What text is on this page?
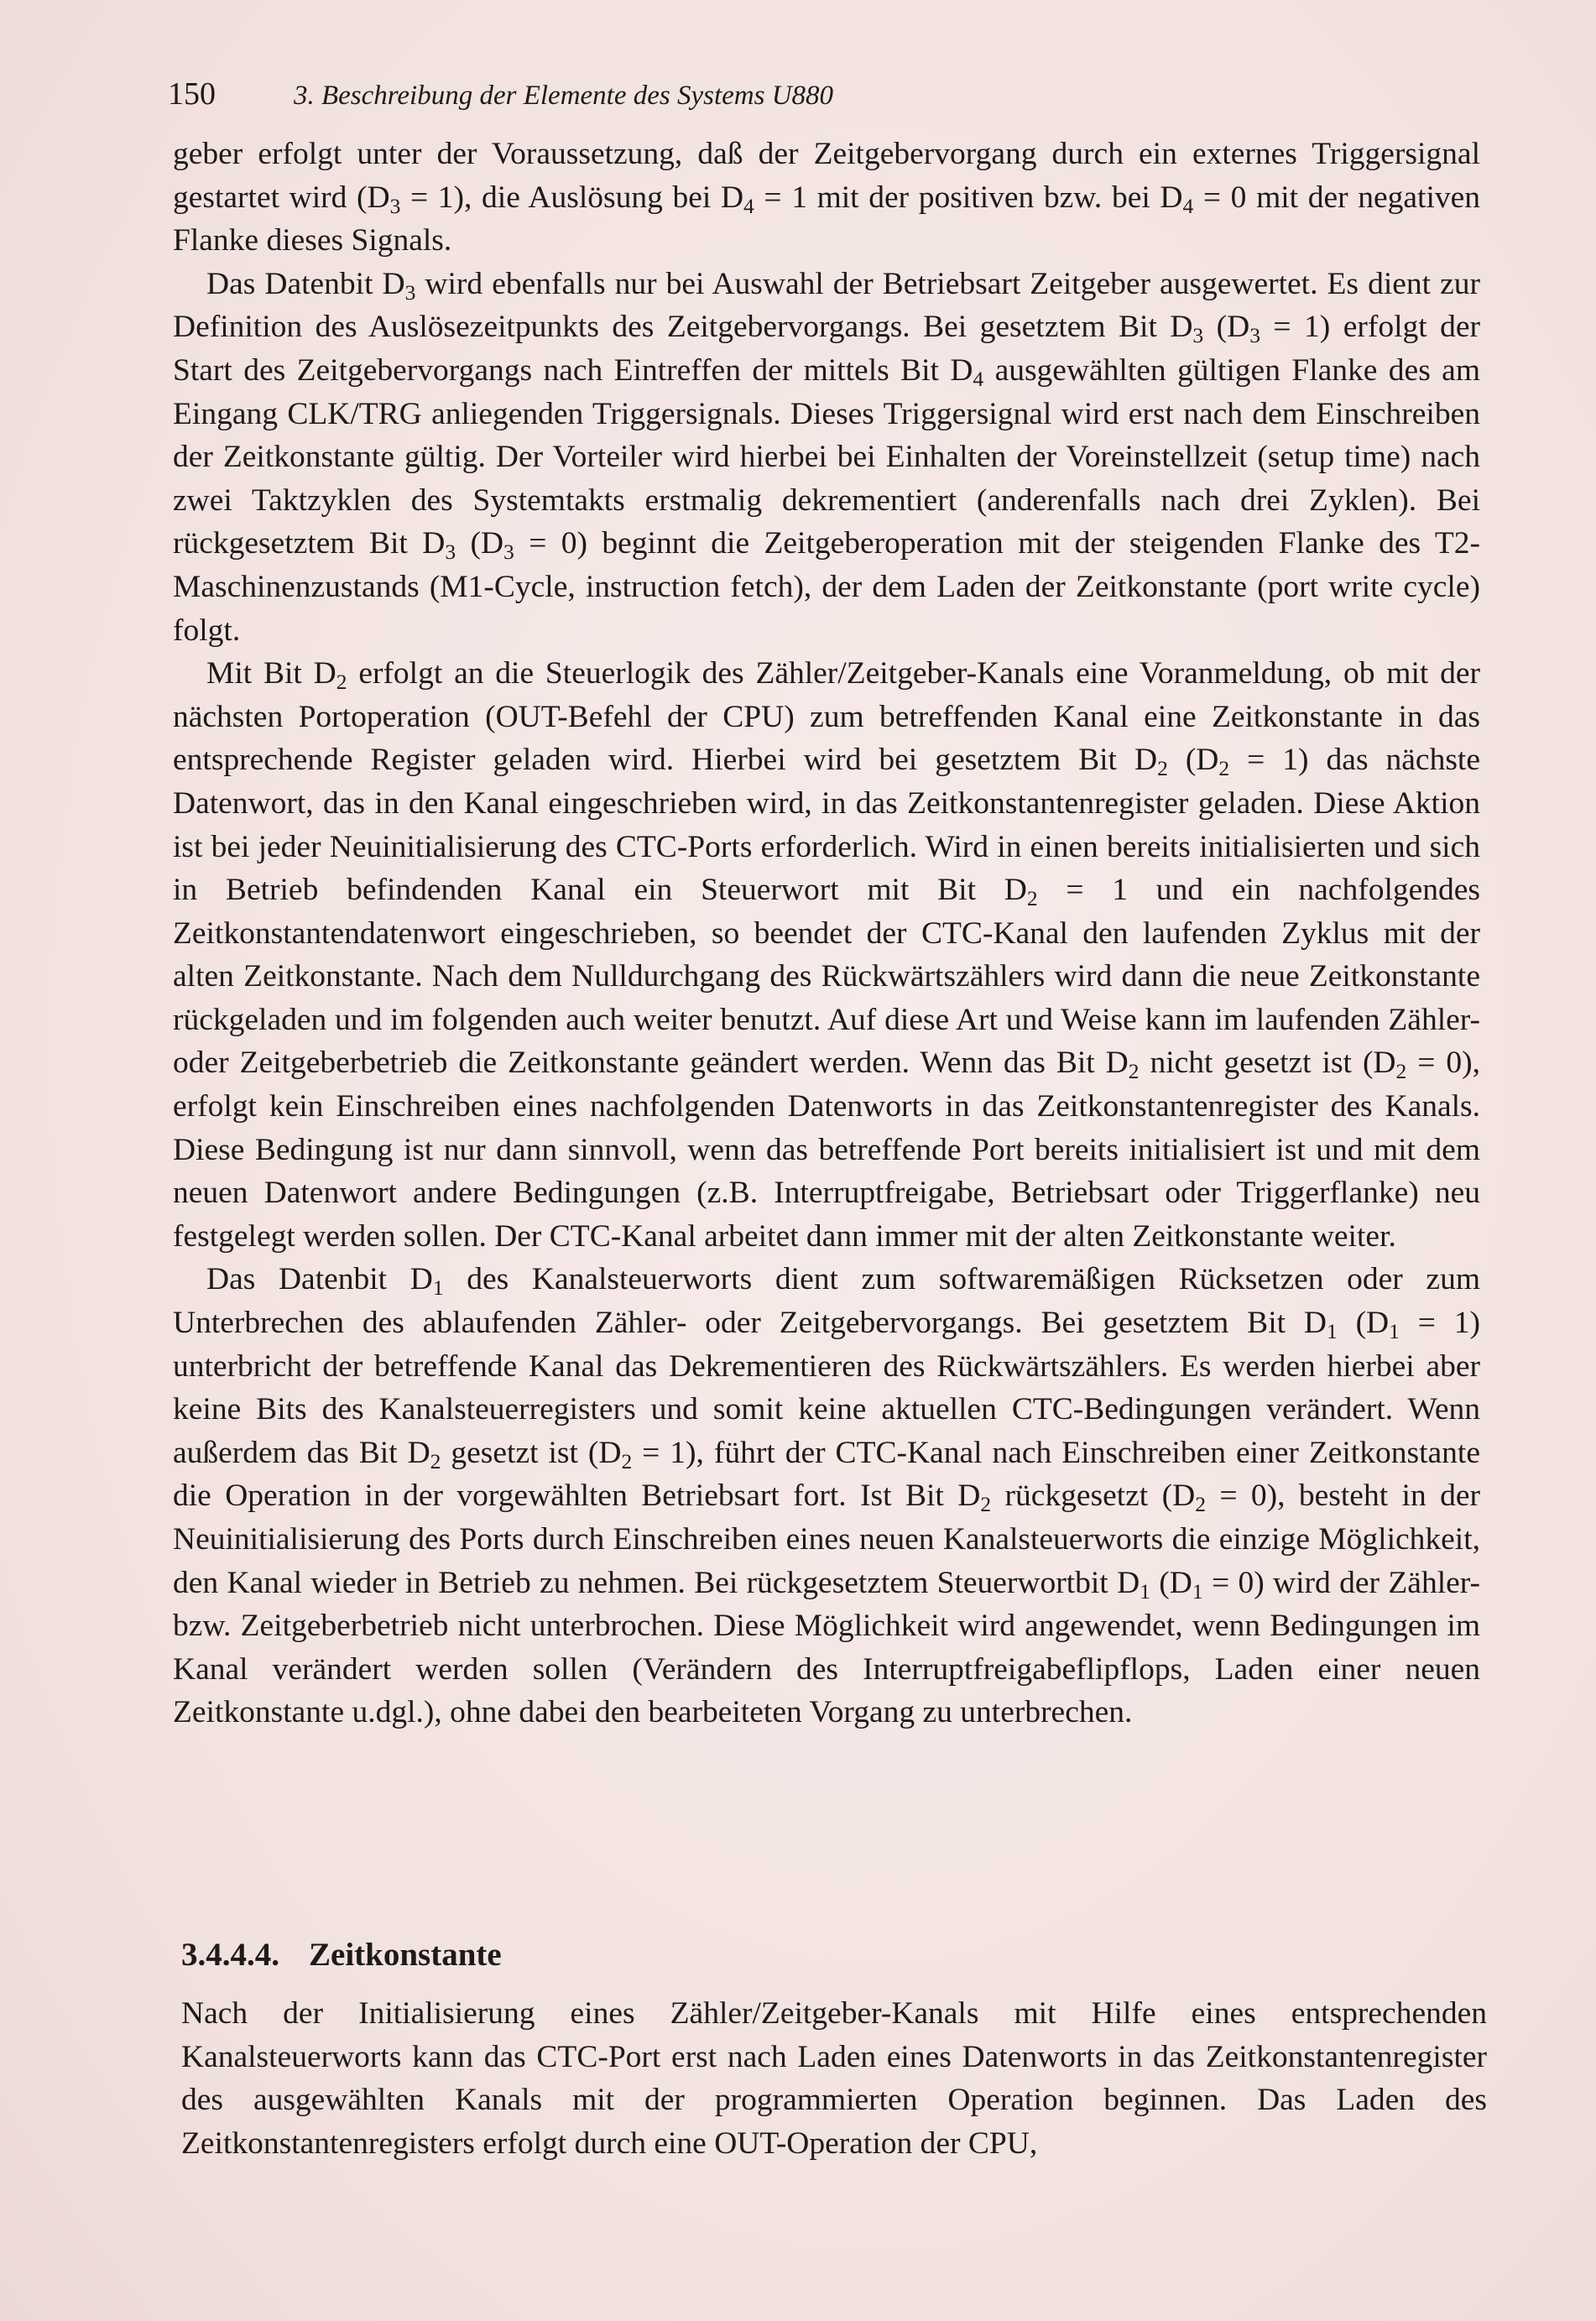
150	3. Beschreibung der Elemente des Systems U880

geber erfolgt unter der Voraussetzung, daß der Zeitgebervorgang durch ein externes Triggersignal gestartet wird $(D_3 = 1)$, die Auslösung bei $D_4 = 1$ mit der positiven bzw. bei $D_4 = 0$ mit der negativen Flanke dieses Signals.

Das Datenbit $D_3$ wird ebenfalls nur bei Auswahl der Betriebsart Zeitgeber ausgewertet. Es dient zur Definition des Auslösezeitpunkts des Zeitgebervorgangs. Bei gesetztem Bit $D_3$ $(D_3 = 1)$ erfolgt der Start des Zeitgebervorgangs nach Eintreffen der mittels Bit $D_4$ ausgewählten gültigen Flanke des am Eingang CLK/TRG anliegenden Triggersignals. Dieses Triggersignal wird erst nach dem Einschreiben der Zeitkonstante gültig. Der Vorteiler wird hierbei bei Einhalten der Voreinstellzeit (setup time) nach zwei Taktzyklen des Systemtakts erstmalig dekrementiert (anderenfalls nach drei Zyklen). Bei rückgesetztem Bit $D_3$ $(D_3 = 0)$ beginnt die Zeitgeberoperation mit der steigenden Flanke des T2-Maschinenzustands (M1-Cycle, instruction fetch), der dem Laden der Zeitkonstante (port write cycle) folgt.

Mit Bit $D_2$ erfolgt an die Steuerlogik des Zähler/Zeitgeber-Kanals eine Voranmeldung, ob mit der nächsten Portoperation (OUT-Befehl der CPU) zum betreffenden Kanal eine Zeitkonstante in das entsprechende Register geladen wird. Hierbei wird bei gesetztem Bit $D_2$ $(D_2 = 1)$ das nächste Datenwort, das in den Kanal eingeschrieben wird, in das Zeitkonstantenregister geladen. Diese Aktion ist bei jeder Neuinitialisierung des CTC-Ports erforderlich. Wird in einen bereits initialisierten und sich in Betrieb befindenden Kanal ein Steuerwort mit Bit $D_2 = 1$ und ein nachfolgendes Zeitkonstantendatenwort eingeschrieben, so beendet der CTC-Kanal den laufenden Zyklus mit der alten Zeitkonstante. Nach dem Nulldurchgang des Rückwärtszählers wird dann die neue Zeitkonstante rückgeladen und im folgenden auch weiter benutzt. Auf diese Art und Weise kann im laufenden Zähler- oder Zeitgeberbetrieb die Zeitkonstante geändert werden. Wenn das Bit $D_2$ nicht gesetzt ist $(D_2 = 0)$, erfolgt kein Einschreiben eines nachfolgenden Datenworts in das Zeitkonstantenregister des Kanals. Diese Bedingung ist nur dann sinnvoll, wenn das betreffende Port bereits initialisiert ist und mit dem neuen Datenwort andere Bedingungen (z.B. Interruptfreigabe, Betriebsart oder Triggerflanke) neu festgelegt werden sollen. Der CTC-Kanal arbeitet dann immer mit der alten Zeitkonstante weiter.

Das Datenbit $D_1$ des Kanalsteuerworts dient zum softwaremäßigen Rücksetzen oder zum Unterbrechen des ablaufenden Zähler- oder Zeitgebervorgangs. Bei gesetztem Bit $D_1$ $(D_1 = 1)$ unterbricht der betreffende Kanal das Dekrementieren des Rückwärtszählers. Es werden hierbei aber keine Bits des Kanalsteuerregisters und somit keine aktuellen CTC-Bedingungen verändert. Wenn außerdem das Bit $D_2$ gesetzt ist $(D_2 = 1)$, führt der CTC-Kanal nach Einschreiben einer Zeitkonstante die Operation in der vorgewählten Betriebsart fort. Ist Bit $D_2$ rückgesetzt $(D_2 = 0)$, besteht in der Neuinitialisierung des Ports durch Einschreiben eines neuen Kanalsteuerworts die einzige Möglichkeit, den Kanal wieder in Betrieb zu nehmen. Bei rückgesetztem Steuerwortbit $D_1$ $(D_1 = 0)$ wird der Zähler- bzw. Zeitgeberbetrieb nicht unterbrochen. Diese Möglichkeit wird angewendet, wenn Bedingungen im Kanal verändert werden sollen (Verändern des Interruptfreigabeflipflops, Laden einer neuen Zeitkonstante u.dgl.), ohne dabei den bearbeiteten Vorgang zu unterbrechen.

3.4.4.4. Zeitkonstante

Nach der Initialisierung eines Zähler/Zeitgeber-Kanals mit Hilfe eines entsprechenden Kanalsteuerworts kann das CTC-Port erst nach Laden eines Datenworts in das Zeitkonstantenregister des ausgewählten Kanals mit der programmierten Operation beginnen. Das Laden des Zeitkonstantenregisters erfolgt durch eine OUT-Operation der CPU,
